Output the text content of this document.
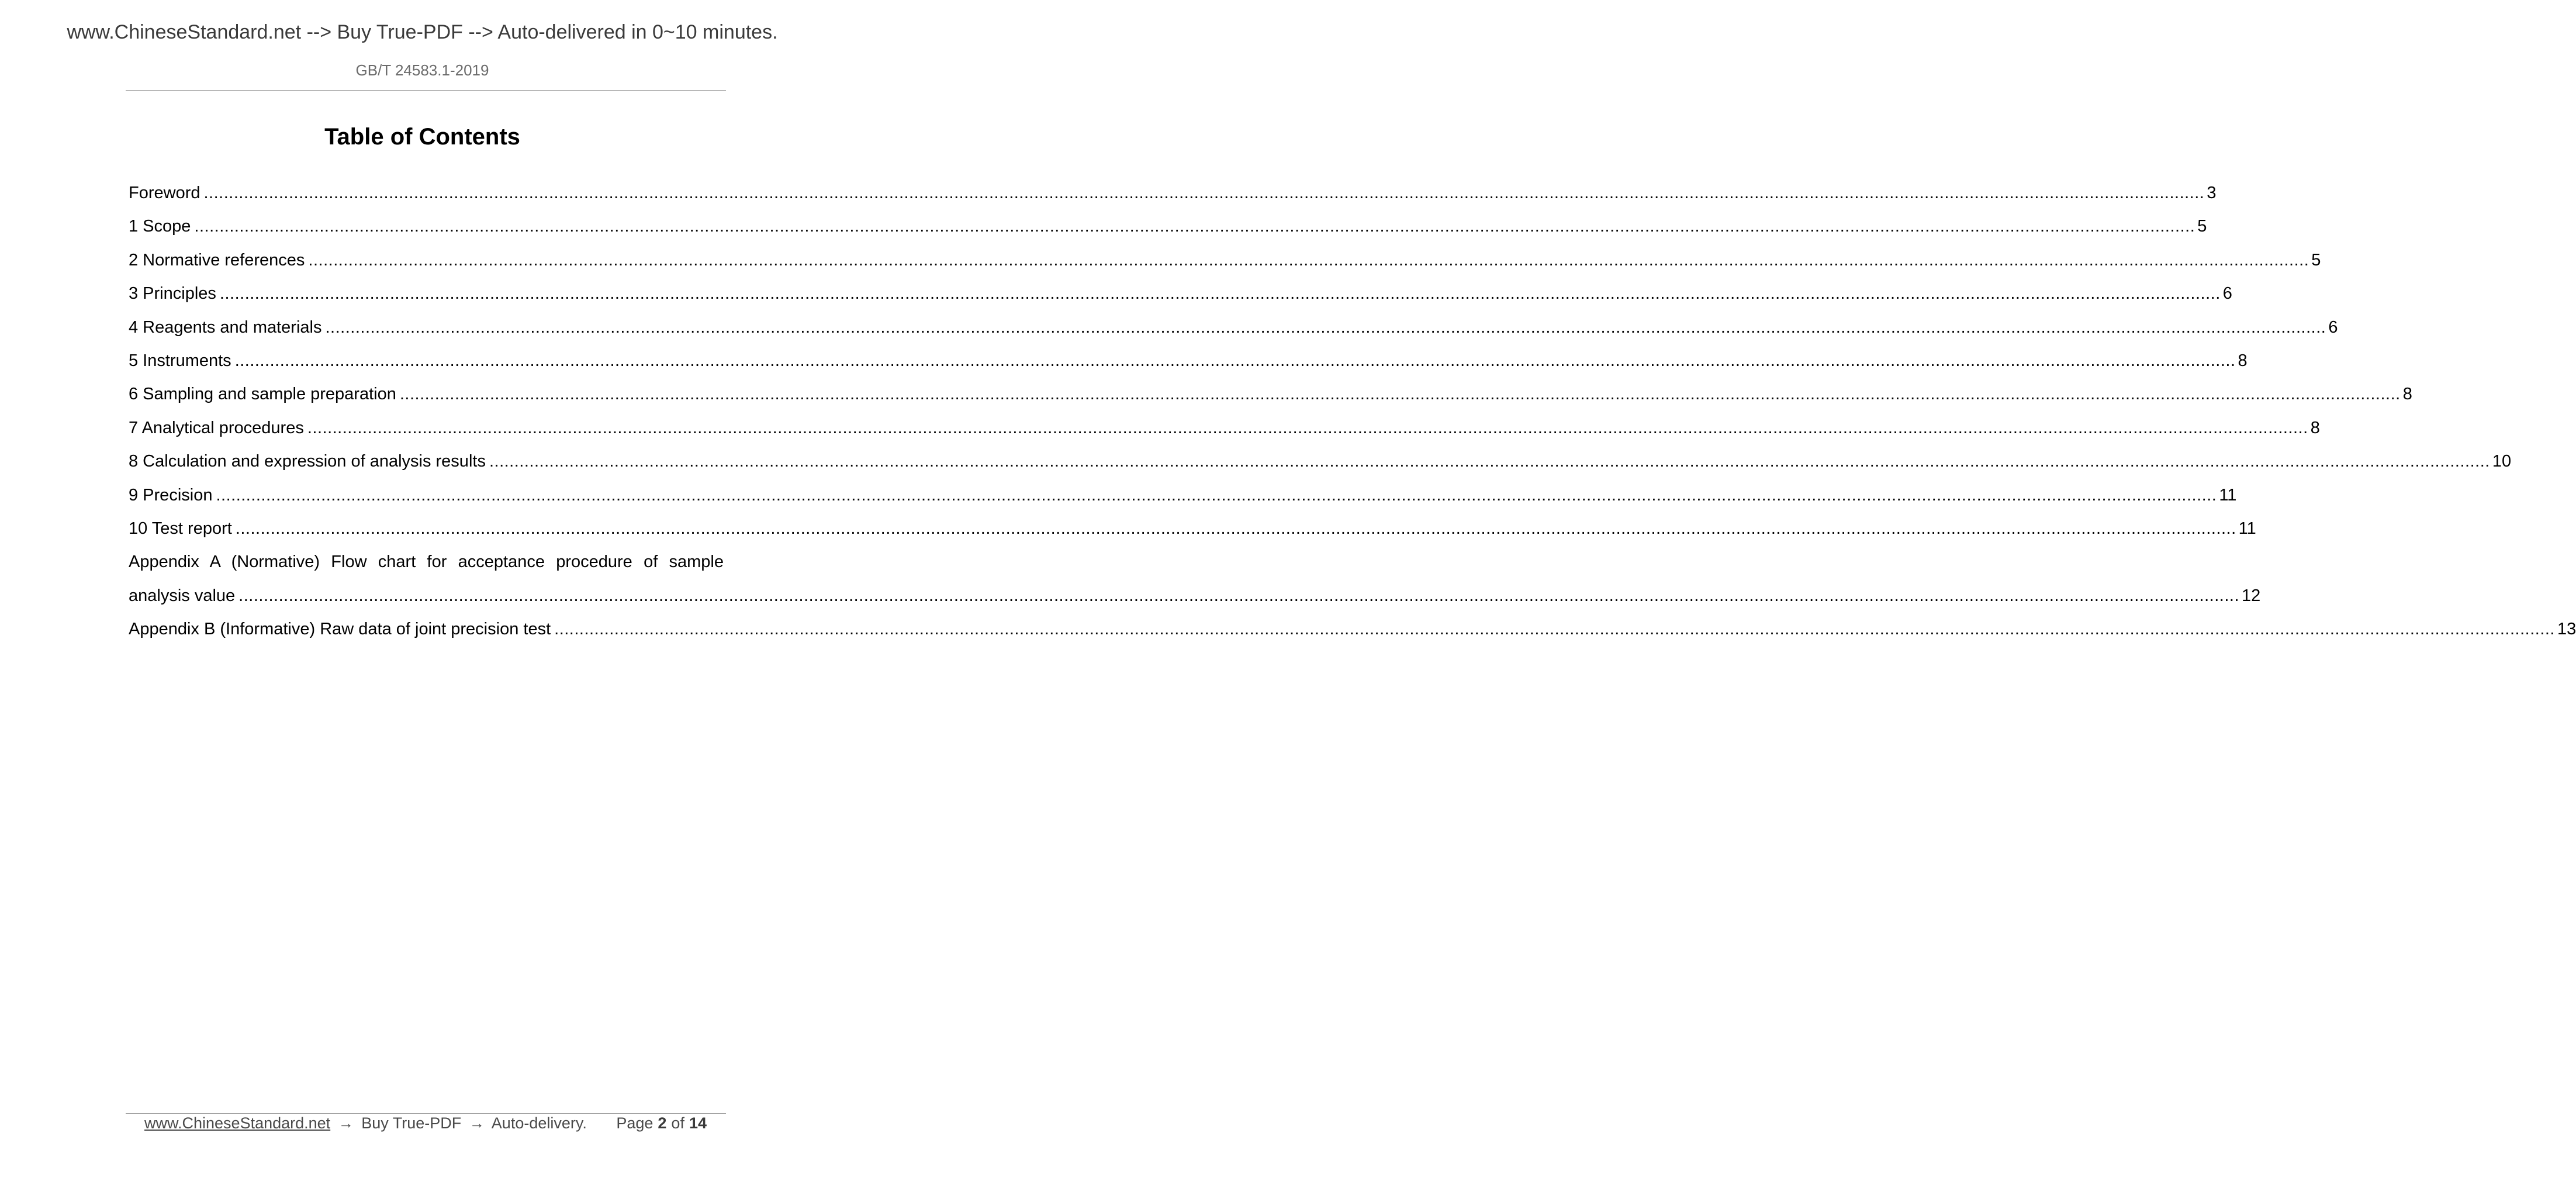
www.ChineseStandard.net --> Buy True-PDF --> Auto-delivered in 0~10 minutes.
GB/T 24583.1-2019
Table of Contents
Foreword ................................................................................................................................................................................................................................................................................................................................................................................................................ 3
1 Scope ................................................................................................................................................................................................................................................................................................................................................................................................................ 5
2 Normative references ................................................................................................................................................................................................................................................................................................................................................................................................................ 5
3 Principles ................................................................................................................................................................................................................................................................................................................................................................................................................ 6
4 Reagents and materials ................................................................................................................................................................................................................................................................................................................................................................................................................ 6
5 Instruments ................................................................................................................................................................................................................................................................................................................................................................................................................ 8
6 Sampling and sample preparation ................................................................................................................................................................................................................................................................................................................................................................................................................ 8
7 Analytical procedures ................................................................................................................................................................................................................................................................................................................................................................................................................ 8
8 Calculation and expression of analysis results ................................................................................................................................................................................................................................................................................................................................................................................................................ 10
9 Precision ................................................................................................................................................................................................................................................................................................................................................................................................................ 11
10 Test report ................................................................................................................................................................................................................................................................................................................................................................................................................ 11
Appendix A (Normative) Flow chart for acceptance procedure of sample
analysis value ................................................................................................................................................................................................................................................................................................................................................................................................................ 12
Appendix B (Informative) Raw data of joint precision test ................................................................................................................................................................................................................................................................................................................................................................................................................ 13
www.ChineseStandard.net → Buy True-PDF → Auto-delivery. Page 2 of 14
